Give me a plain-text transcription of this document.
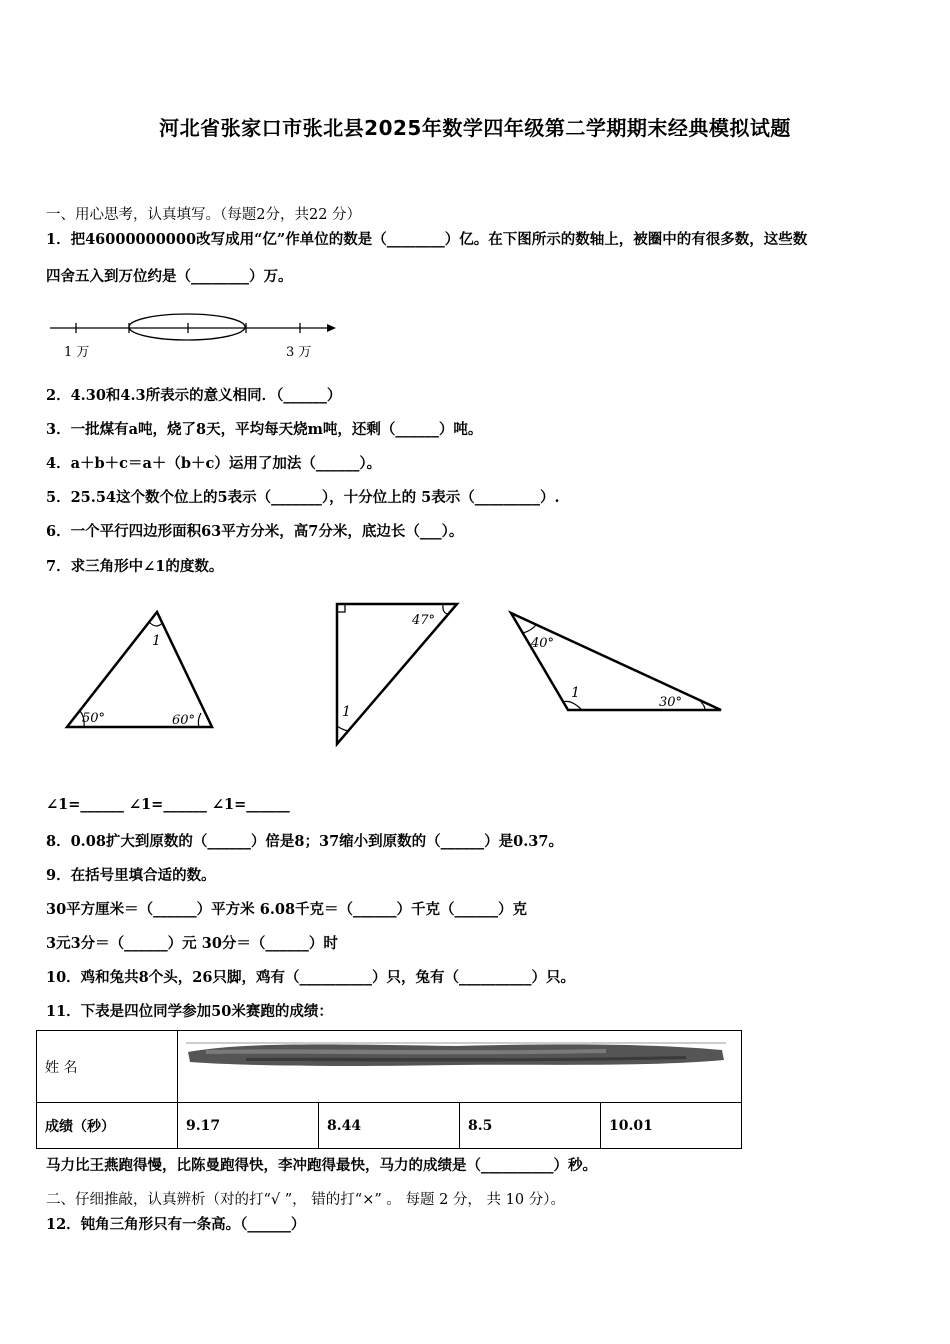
河北省张家口市张北县2025年数学四年级第二学期期末经典模拟试题
一、用心思考，认真填写。（每题2分，共22 分）
1．把46000000000改写成用“亿”作单位的数是（________）亿。在下图所示的数轴上，被圈中的有很多数，这些数
四舍五入到万位约是（________）万。
1 万	3 万
2．4.30和4.3所表示的意义相同．（______）
3．一批煤有a吨，烧了8天，平均每天烧m吨，还剩（______）吨。
4．a＋b＋c＝a＋（b＋c）运用了加法（______）。
5．25.54这个数个位上的5表示（_______），十分位上的 5表示（_________）.
6．一个平行四边形面积63平方分米，高7分米，底边长（___）。
7．求三角形中∠1的度数。
1
50°	60°
47°
1
40°
1
30°
∠1=______ ∠1=______ ∠1=______
8．0.08扩大到原数的（______）倍是8；37缩小到原数的（______）是0.37。
9．在括号里填合适的数。
30平方厘米＝（______）平方米 6.08千克＝（______）千克（______）克
3元3分＝（______）元 30分＝（______）时
10．鸡和兔共8个头，26只脚，鸡有（__________）只，兔有（__________）只。
11．下表是四位同学参加50米赛跑的成绩：
姓 名				
成绩（秒）	9.17	8.44	8.5	10.01
马力比王燕跑得慢，比陈曼跑得快，李冲跑得最快，马力的成绩是（__________）秒。
二、仔细推敲，认真辨析（对的打“√ ”， 错的打“×” 。 每题 2 分， 共 10 分）。
12．钝角三角形只有一条高。（______）
